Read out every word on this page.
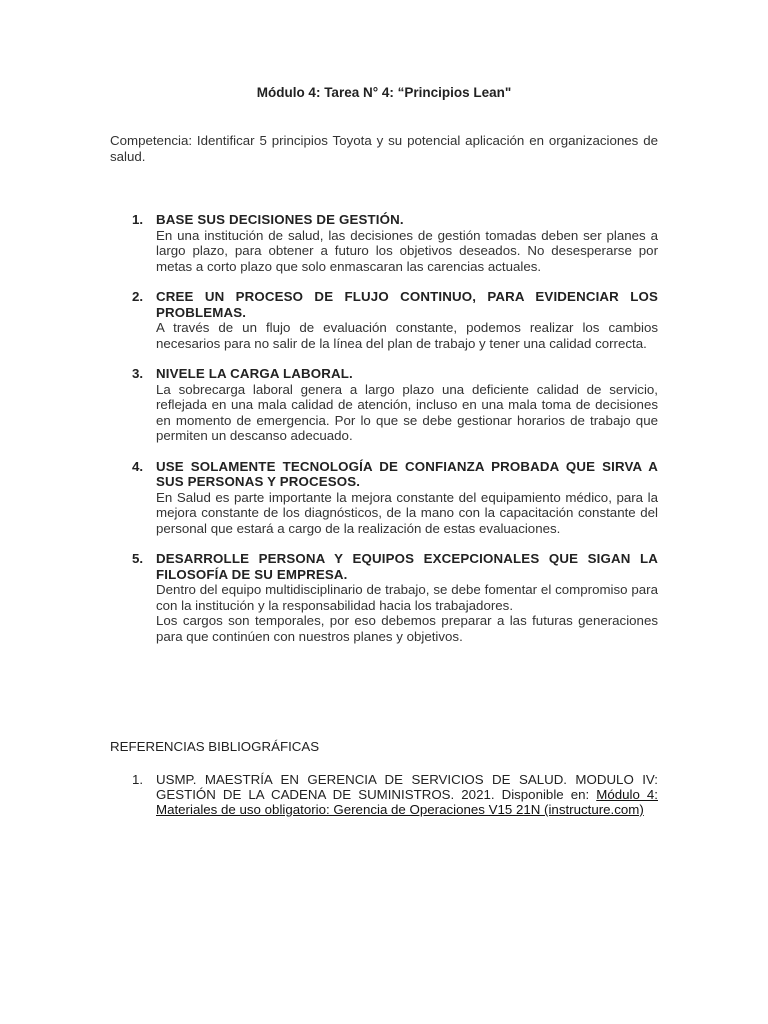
Módulo 4: Tarea N° 4: “Principios Lean"
Competencia: Identificar 5 principios Toyota y su potencial aplicación en organizaciones de salud.
1. BASE SUS DECISIONES DE GESTIÓN.

En una institución de salud, las decisiones de gestión tomadas deben ser planes a largo plazo, para obtener a futuro los objetivos deseados. No desesperarse por metas a corto plazo que solo enmascaran las carencias actuales.

2. CREE UN PROCESO DE FLUJO CONTINUO, PARA EVIDENCIAR LOS PROBLEMAS.

A través de un flujo de evaluación constante, podemos realizar los cambios necesarios para no salir de la línea del plan de trabajo y tener una calidad correcta.

3. NIVELE LA CARGA LABORAL.

La sobrecarga laboral genera a largo plazo una deficiente calidad de servicio, reflejada en una mala calidad de atención, incluso en una mala toma de decisiones en momento de emergencia. Por lo que se debe gestionar horarios de trabajo que permiten un descanso adecuado.

4. USE SOLAMENTE TECNOLOGÍA DE CONFIANZA PROBADA QUE SIRVA A SUS PERSONAS Y PROCESOS.

En Salud es parte importante la mejora constante del equipamiento médico, para la mejora constante de los diagnósticos, de la mano con la capacitación constante del personal que estará a cargo de la realización de estas evaluaciones.

5. DESARROLLE PERSONA Y EQUIPOS EXCEPCIONALES QUE SIGAN LA FILOSOFÍA DE SU EMPRESA.

Dentro del equipo multidisciplinario de trabajo, se debe fomentar el compromiso para con la institución y la responsabilidad hacia los trabajadores.

Los cargos son temporales, por eso debemos preparar a las futuras generaciones para que continúen con nuestros planes y objetivos.

REFERENCIAS BIBLIOGRÁFICAS
1. USMP. MAESTRÍA EN GERENCIA DE SERVICIOS DE SALUD. MODULO IV: GESTIÓN DE LA CADENA DE SUMINISTROS. 2021. Disponible en: Módulo 4: Materiales de uso obligatorio: Gerencia de Operaciones V15 21N (instructure.com)
